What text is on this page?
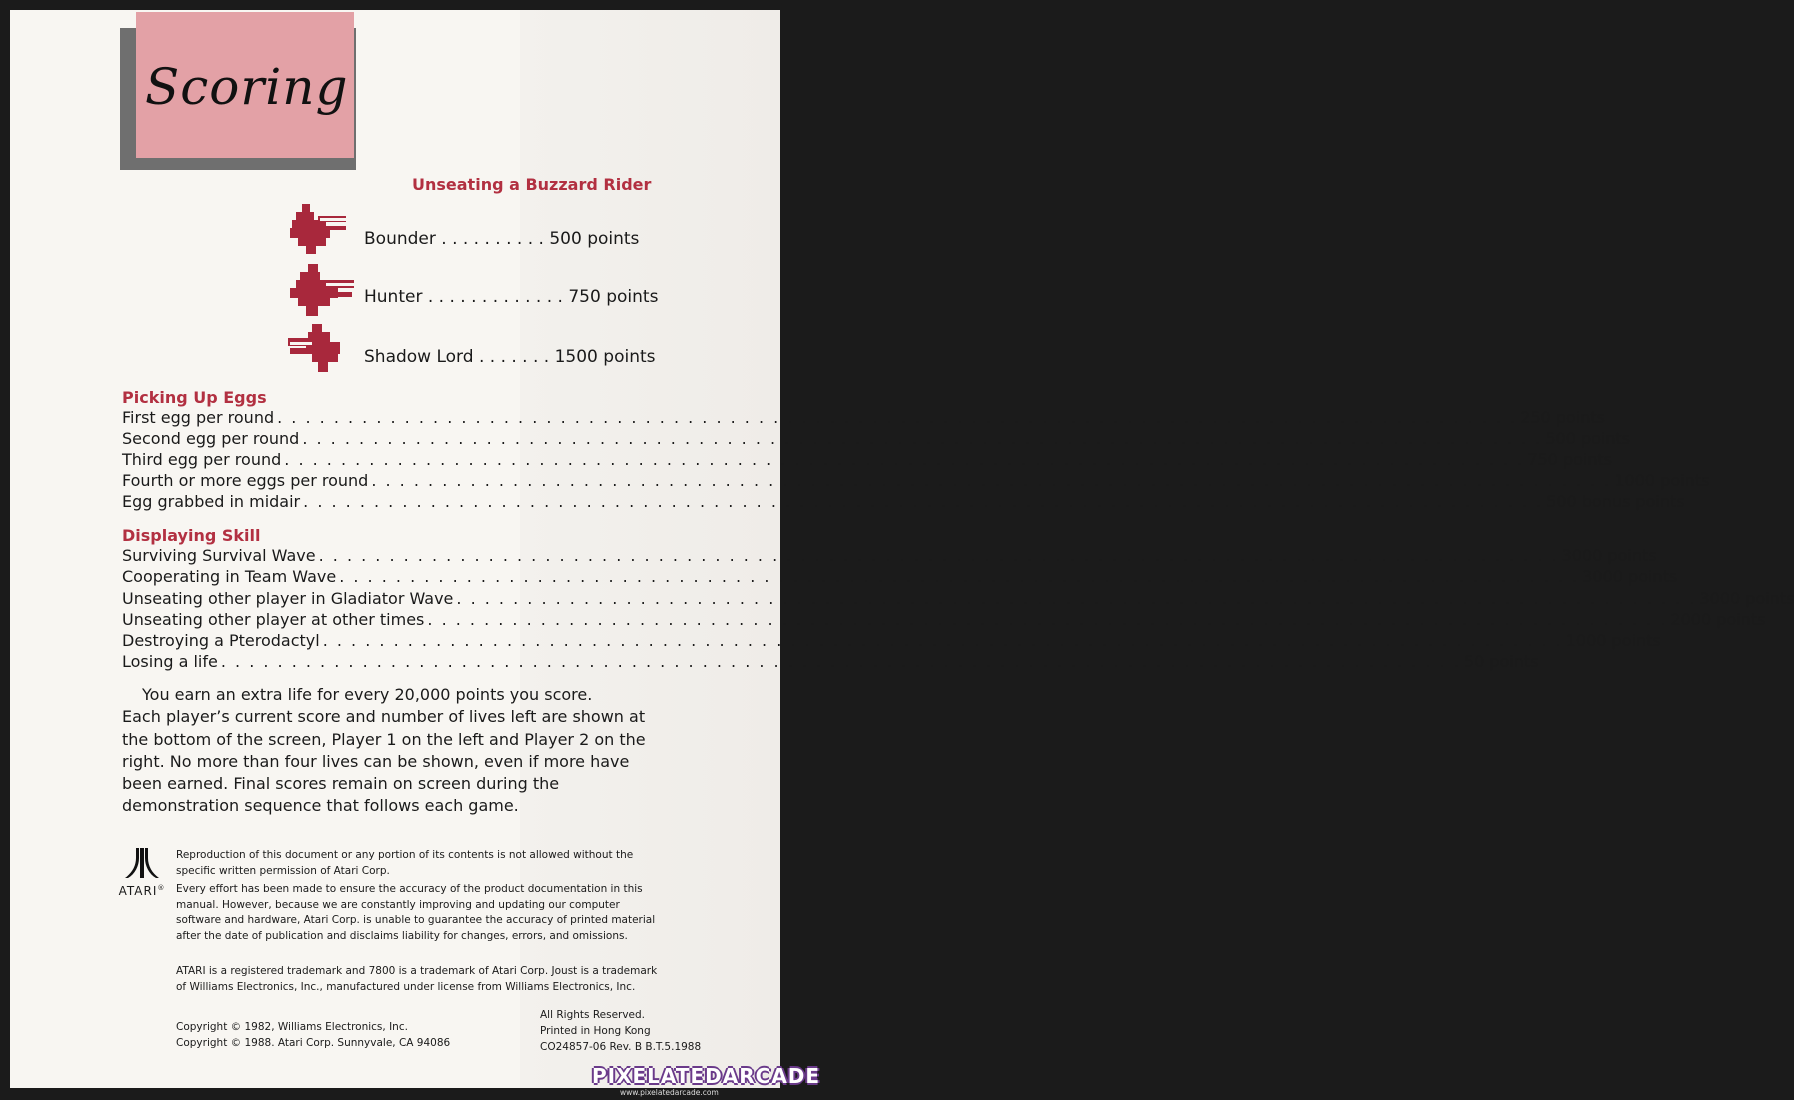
Scoring
Unseating a Buzzard Rider
Bounder . . . . . . . . . . 500 points
Hunter . . . . . . . . . . . . . 750 points
Shadow Lord . . . . . . . 1500 points
Picking Up Eggs
First egg per round . . .	250 points
Second egg per round . . .	500 points
Third egg per round . . .	750 points
Fourth or more eggs per round . . .	1000 points
Egg grabbed in midair . . .	500 bonus points
Displaying Skill
Surviving Survival Wave . . .	3000 points
Cooperating in Team Wave . . .	3000 points
Unseating other player in Gladiator Wave . . .	3000 points
Unseating other player at other times . . .	2000 points
Destroying a Pterodactyl . . .	1000 points
Losing a life . . .	50 points
You earn an extra life for every 20,000 points you score.
Each player’s current score and number of lives left are shown at the bottom of the screen, Player 1 on the left and Player 2 on the right. No more than four lives can be shown, even if more have been earned. Final scores remain on screen during the demonstration sequence that follows each game.
ATARI®
Reproduction of this document or any portion of its contents is not allowed without the specific written permission of Atari Corp.
Every effort has been made to ensure the accuracy of the product documentation in this manual. However, because we are constantly improving and updating our computer software and hardware, Atari Corp. is unable to guarantee the accuracy of printed material after the date of publication and disclaims liability for changes, errors, and omissions.
ATARI is a registered trademark and 7800 is a trademark of Atari Corp. Joust is a trademark of Williams Electronics, Inc., manufactured under license from Williams Electronics, Inc.
Copyright © 1982, Williams Electronics, Inc.
Copyright © 1988. Atari Corp. Sunnyvale, CA 94086
All Rights Reserved.
Printed in Hong Kong
CO24857-06 Rev. B B.T.5.1988
PIXELATEDARCADE
www.pixelatedarcade.com
